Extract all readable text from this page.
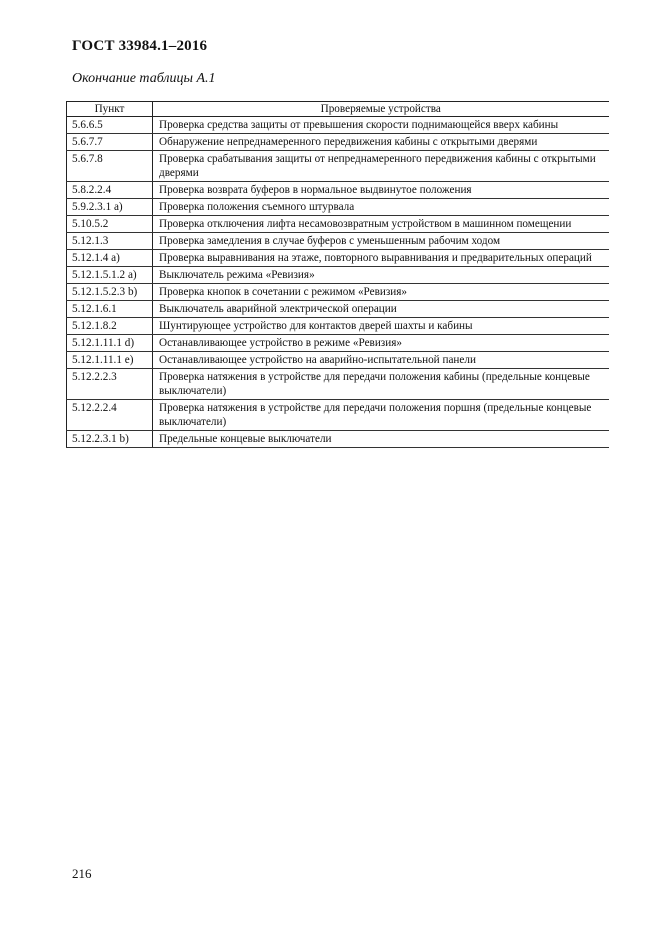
ГОСТ 33984.1–2016
Окончание таблицы А.1
Пункт	Проверяемые устройства
5.6.6.5	Проверка средства защиты от превышения скорости поднимающейся вверх кабины
5.6.7.7	Обнаружение непреднамеренного передвижения кабины с открытыми дверями
5.6.7.8	Проверка срабатывания защиты от непреднамеренного передвижения кабины с открытыми дверями
5.8.2.2.4	Проверка возврата буферов в нормальное выдвинутое положения
5.9.2.3.1 a)	Проверка положения съемного штурвала
5.10.5.2	Проверка отключения лифта несамовозвратным устройством в машинном помещении
5.12.1.3	Проверка замедления в случае буферов с уменьшенным рабочим ходом
5.12.1.4 a)	Проверка выравнивания на этаже, повторного выравнивания и предварительных операций
5.12.1.5.1.2 a)	Выключатель режима «Ревизия»
5.12.1.5.2.3 b)	Проверка кнопок в сочетании с режимом «Ревизия»
5.12.1.6.1	Выключатель аварийной электрической операции
5.12.1.8.2	Шунтирующее устройство для контактов дверей шахты и кабины
5.12.1.11.1 d)	Останавливающее устройство в режиме «Ревизия»
5.12.1.11.1 e)	Останавливающее устройство на аварийно-испытательной панели
5.12.2.2.3	Проверка натяжения в устройстве для передачи положения кабины (предельные концевые выключатели)
5.12.2.2.4	Проверка натяжения в устройстве для передачи положения поршня (предельные концевые выключатели)
5.12.2.3.1 b)	Предельные концевые выключатели
216
